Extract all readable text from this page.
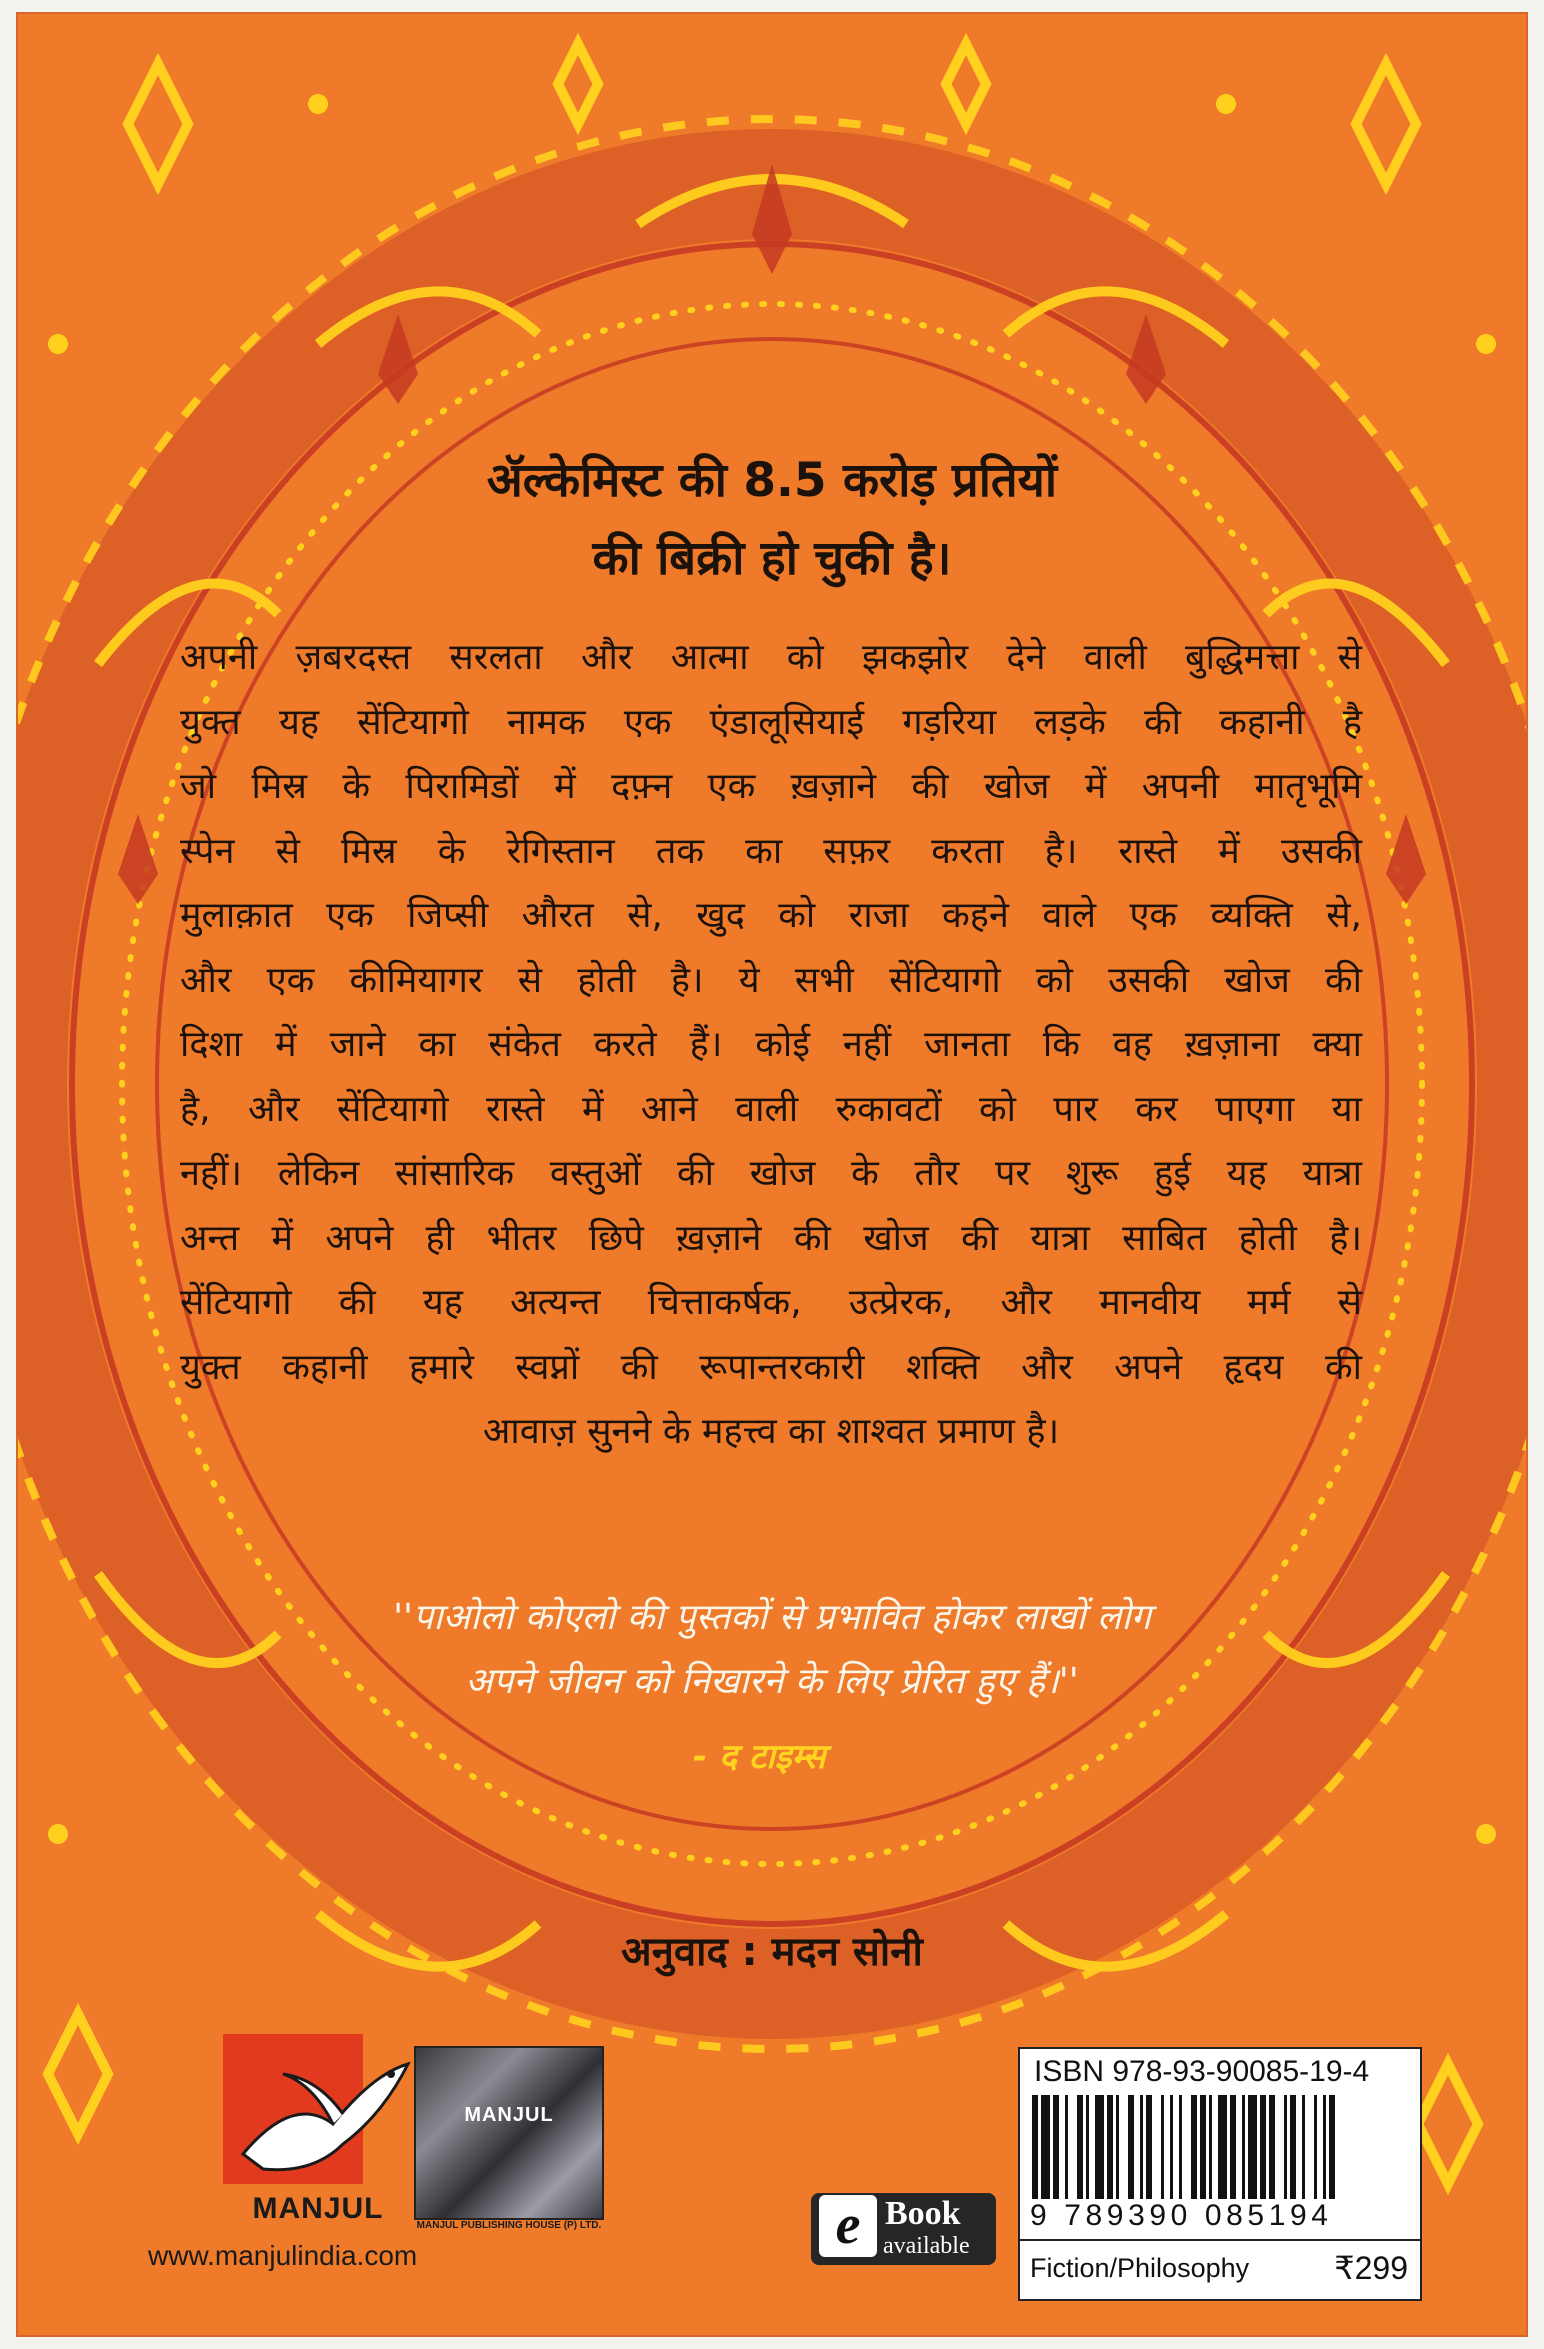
ॲल्केमिस्ट की 8.5 करोड़ प्रतियों
की बिक्री हो चुकी है।
अपनी ज़बरदस्त सरलता और आत्मा को झकझोर देने वाली बुद्धिमत्ता से
युक्त यह सेंटियागो नामक एक एंडालूसियाई गड़रिया लड़के की कहानी है
जो मिस्र के पिरामिडों में दफ़्न एक ख़ज़ाने की खोज में अपनी मातृभूमि
स्पेन से मिस्र के रेगिस्तान तक का सफ़र करता है। रास्ते में उसकी
मुलाक़ात एक जिप्सी औरत से, खुद को राजा कहने वाले एक व्यक्ति से,
और एक कीमियागर से होती है। ये सभी सेंटियागो को उसकी खोज की
दिशा में जाने का संकेत करते हैं। कोई नहीं जानता कि वह ख़ज़ाना क्या
है, और सेंटियागो रास्ते में आने वाली रुकावटों को पार कर पाएगा या
नहीं। लेकिन सांसारिक वस्तुओं की खोज के तौर पर शुरू हुई यह यात्रा
अन्त में अपने ही भीतर छिपे ख़ज़ाने की खोज की यात्रा साबित होती है।
सेंटियागो की यह अत्यन्त चित्ताकर्षक, उत्प्रेरक, और मानवीय मर्म से
युक्त कहानी हमारे स्वप्नों की रूपान्तरकारी शक्ति और अपने हृदय की
आवाज़ सुनने के महत्त्व का शाश्वत प्रमाण है।
''पाओलो कोएलो की पुस्तकों से प्रभावित होकर लाखों लोग
अपने जीवन को निखारने के लिए प्रेरित हुए हैं।''
- द टाइम्स
अनुवाद : मदन सोनी
MANJUL
www.manjulindia.com
MANJUL
MANJUL PUBLISHING HOUSE (P) LTD.	e Book
available
ISBN 978-93-90085-19-4
9 789390 085194
Fiction/Philosophy	₹299
